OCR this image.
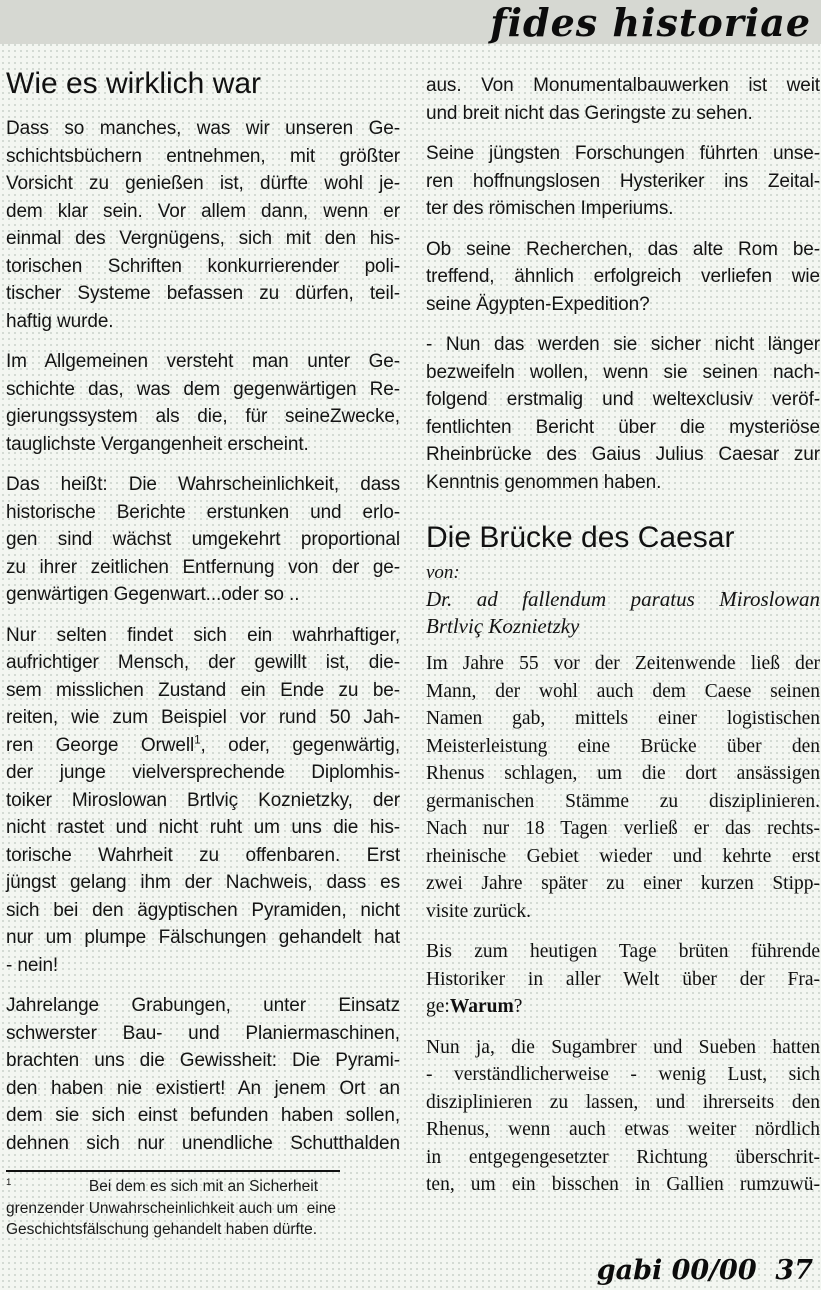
fides historiae
Wie es wirklich war
Dass so manches, was wir unseren Ge-
schichtsbüchern entnehmen, mit größter
Vorsicht zu genießen ist, dürfte wohl je-
dem klar sein. Vor allem dann, wenn er
einmal des Vergnügens, sich mit den his-
torischen Schriften konkurrierender poli-
tischer Systeme befassen zu dürfen, teil-
haftig wurde.
Im Allgemeinen versteht man unter Ge-
schichte das, was dem gegenwärtigen Re-
gierungssystem als die, für seineZwecke,
tauglichste Vergangenheit erscheint.
Das heißt: Die Wahrscheinlichkeit, dass
historische Berichte erstunken und erlo-
gen sind wächst umgekehrt proportional
zu ihrer zeitlichen Entfernung von der ge-
genwärtigen Gegenwart...oder so ..
Nur selten findet sich ein wahrhaftiger,
aufrichtiger Mensch, der gewillt ist, die-
sem misslichen Zustand ein Ende zu be-
reiten, wie zum Beispiel vor rund 50 Jah-
ren George Orwell$^1$, oder, gegenwärtig,
der junge vielversprechende Diplomhis-
toiker Miroslowan Brtlviç Koznietzky, der
nicht rastet und nicht ruht um uns die his-
torische Wahrheit zu offenbaren. Erst
jüngst gelang ihm der Nachweis, dass es
sich bei den ägyptischen Pyramiden, nicht
nur um plumpe Fälschungen gehandelt hat
- nein!
Jahrelange Grabungen, unter Einsatz
schwerster Bau- und Planiermaschinen,
brachten uns die Gewissheit: Die Pyrami-
den haben nie existiert! An jenem Ort an
dem sie sich einst befunden haben sollen,
dehnen sich nur unendliche Schutthalden
$^1$                  Bei dem es sich mit an Sicherheit
grenzender Unwahrscheinlichkeit auch um  eine
Geschichtsfälschung gehandelt haben dürfte.
aus. Von Monumentalbauwerken ist weit
und breit nicht das Geringste zu sehen.
Seine jüngsten Forschungen führten unse-
ren hoffnungslosen Hysteriker ins Zeital-
ter des römischen Imperiums.
Ob seine Recherchen, das alte Rom be-
treffend, ähnlich erfolgreich verliefen wie
seine Ägypten-Expedition?
- Nun das werden sie sicher nicht länger
bezweifeln wollen, wenn sie seinen nach-
folgend erstmalig und weltexclusiv veröf-
fentlichten Bericht über die mysteriöse
Rheinbrücke des Gaius Julius Caesar zur
Kenntnis genommen haben.
Die Brücke des Caesar
von:
Dr. ad fallendum paratus Miroslowan
Brtlviç Koznietzky
Im Jahre 55 vor der Zeitenwende ließ der
Mann, der wohl auch dem Caese seinen
Namen gab, mittels einer logistischen
Meisterleistung eine Brücke über den
Rhenus schlagen, um die dort ansässigen
germanischen Stämme zu disziplinieren.
Nach nur 18 Tagen verließ er das rechts-
rheinische Gebiet wieder und kehrte erst
zwei Jahre später zu einer kurzen Stipp-
visite zurück.
Bis zum heutigen Tage brüten führende
Historiker in aller Welt über der Fra-
ge:Warum?
Nun ja, die Sugambrer und Sueben hatten
- verständlicherweise - wenig Lust, sich
disziplinieren zu lassen, und ihrerseits den
Rhenus, wenn auch etwas weiter nördlich
in entgegengesetzter Richtung überschrit-
ten, um ein bisschen in Gallien rumzuwü-
gabi 00/00  37
